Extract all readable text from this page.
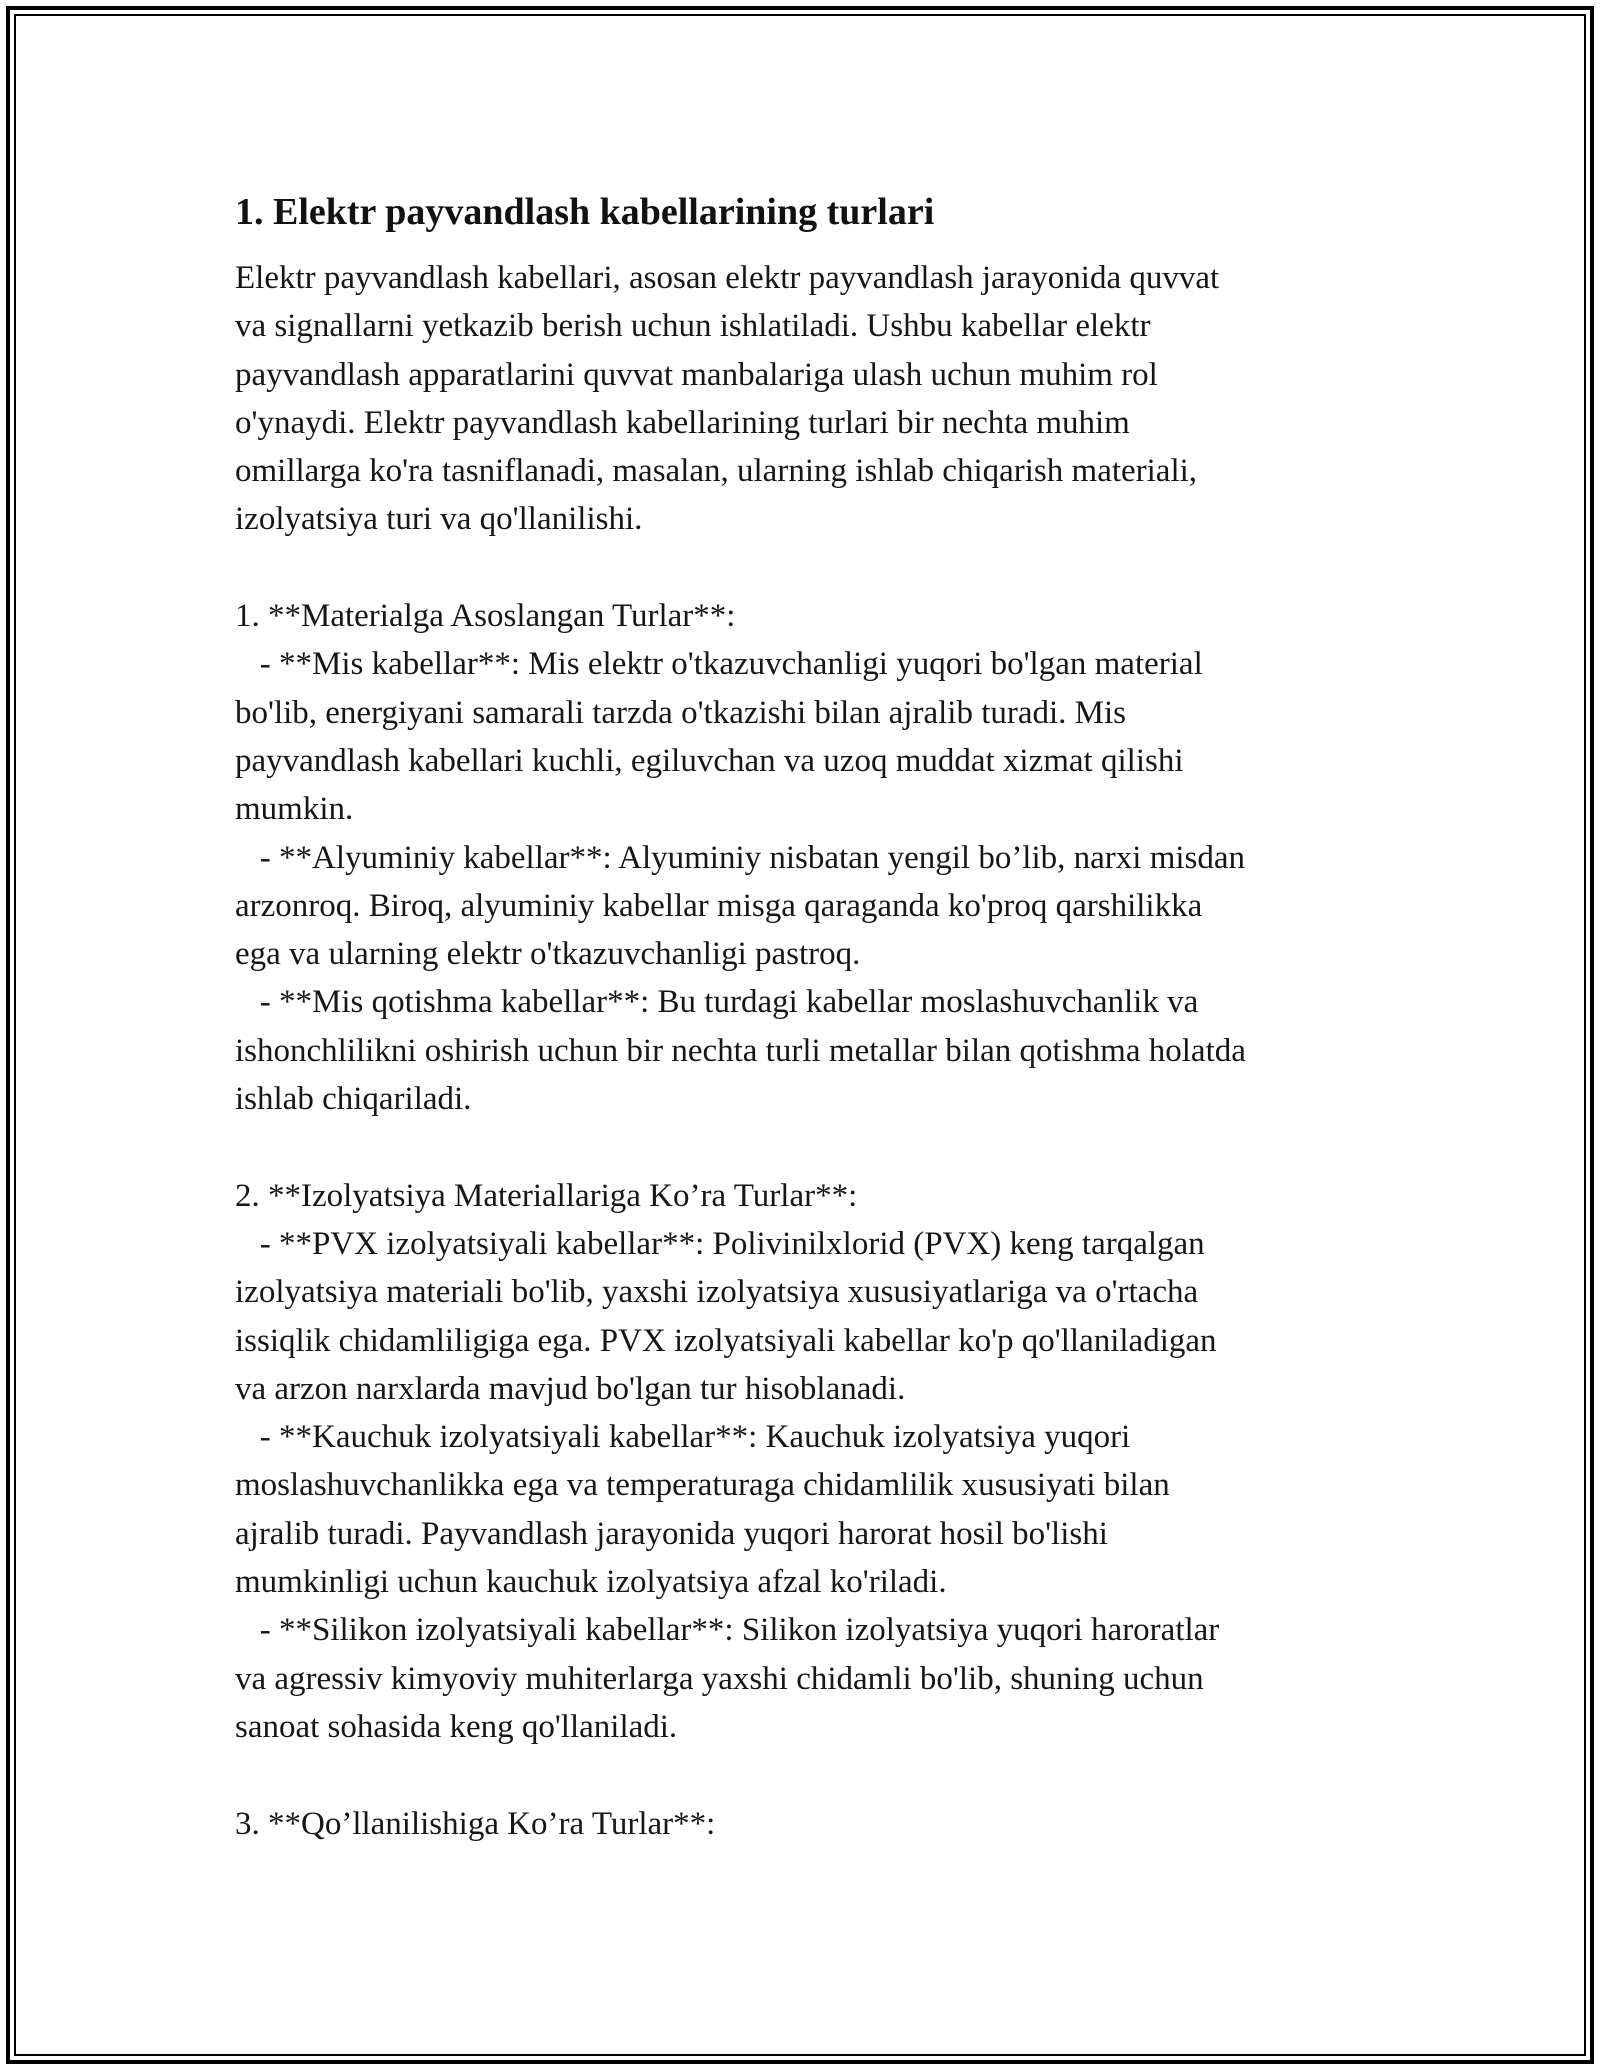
1. Elektr payvandlash kabellarining turlari
Elektr payvandlash kabellari, asosan elektr payvandlash jarayonida quvvat
va signallarni yetkazib berish uchun ishlatiladi. Ushbu kabellar elektr
payvandlash apparatlarini quvvat manbalariga ulash uchun muhim rol
o'ynaydi. Elektr payvandlash kabellarining turlari bir nechta muhim
omillarga ko'ra tasniflanadi, masalan, ularning ishlab chiqarish materiali,
izolyatsiya turi va qo'llanilishi.

1. **Materialga Asoslangan Turlar**:
- **Mis kabellar**: Mis elektr o'tkazuvchanligi yuqori bo'lgan material
bo'lib, energiyani samarali tarzda o'tkazishi bilan ajralib turadi. Mis
payvandlash kabellari kuchli, egiluvchan va uzoq muddat xizmat qilishi
mumkin.
- **Alyuminiy kabellar**: Alyuminiy nisbatan yengil bo’lib, narxi misdan
arzonroq. Biroq, alyuminiy kabellar misga qaraganda ko'proq qarshilikka
ega va ularning elektr o'tkazuvchanligi pastroq.
- **Mis qotishma kabellar**: Bu turdagi kabellar moslashuvchanlik va
ishonchlilikni oshirish uchun bir nechta turli metallar bilan qotishma holatda
ishlab chiqariladi.

2. **Izolyatsiya Materiallariga Ko’ra Turlar**:
- **PVX izolyatsiyali kabellar**: Polivinilxlorid (PVX) keng tarqalgan
izolyatsiya materiali bo'lib, yaxshi izolyatsiya xususiyatlariga va o'rtacha
issiqlik chidamliligiga ega. PVX izolyatsiyali kabellar ko'p qo'llaniladigan
va arzon narxlarda mavjud bo'lgan tur hisoblanadi.
- **Kauchuk izolyatsiyali kabellar**: Kauchuk izolyatsiya yuqori
moslashuvchanlikka ega va temperaturaga chidamlilik xususiyati bilan
ajralib turadi. Payvandlash jarayonida yuqori harorat hosil bo'lishi
mumkinligi uchun kauchuk izolyatsiya afzal ko'riladi.
- **Silikon izolyatsiyali kabellar**: Silikon izolyatsiya yuqori haroratlar
va agressiv kimyoviy muhiterlarga yaxshi chidamli bo'lib, shuning uchun
sanoat sohasida keng qo'llaniladi.

3. **Qo’llanilishiga Ko’ra Turlar**:
